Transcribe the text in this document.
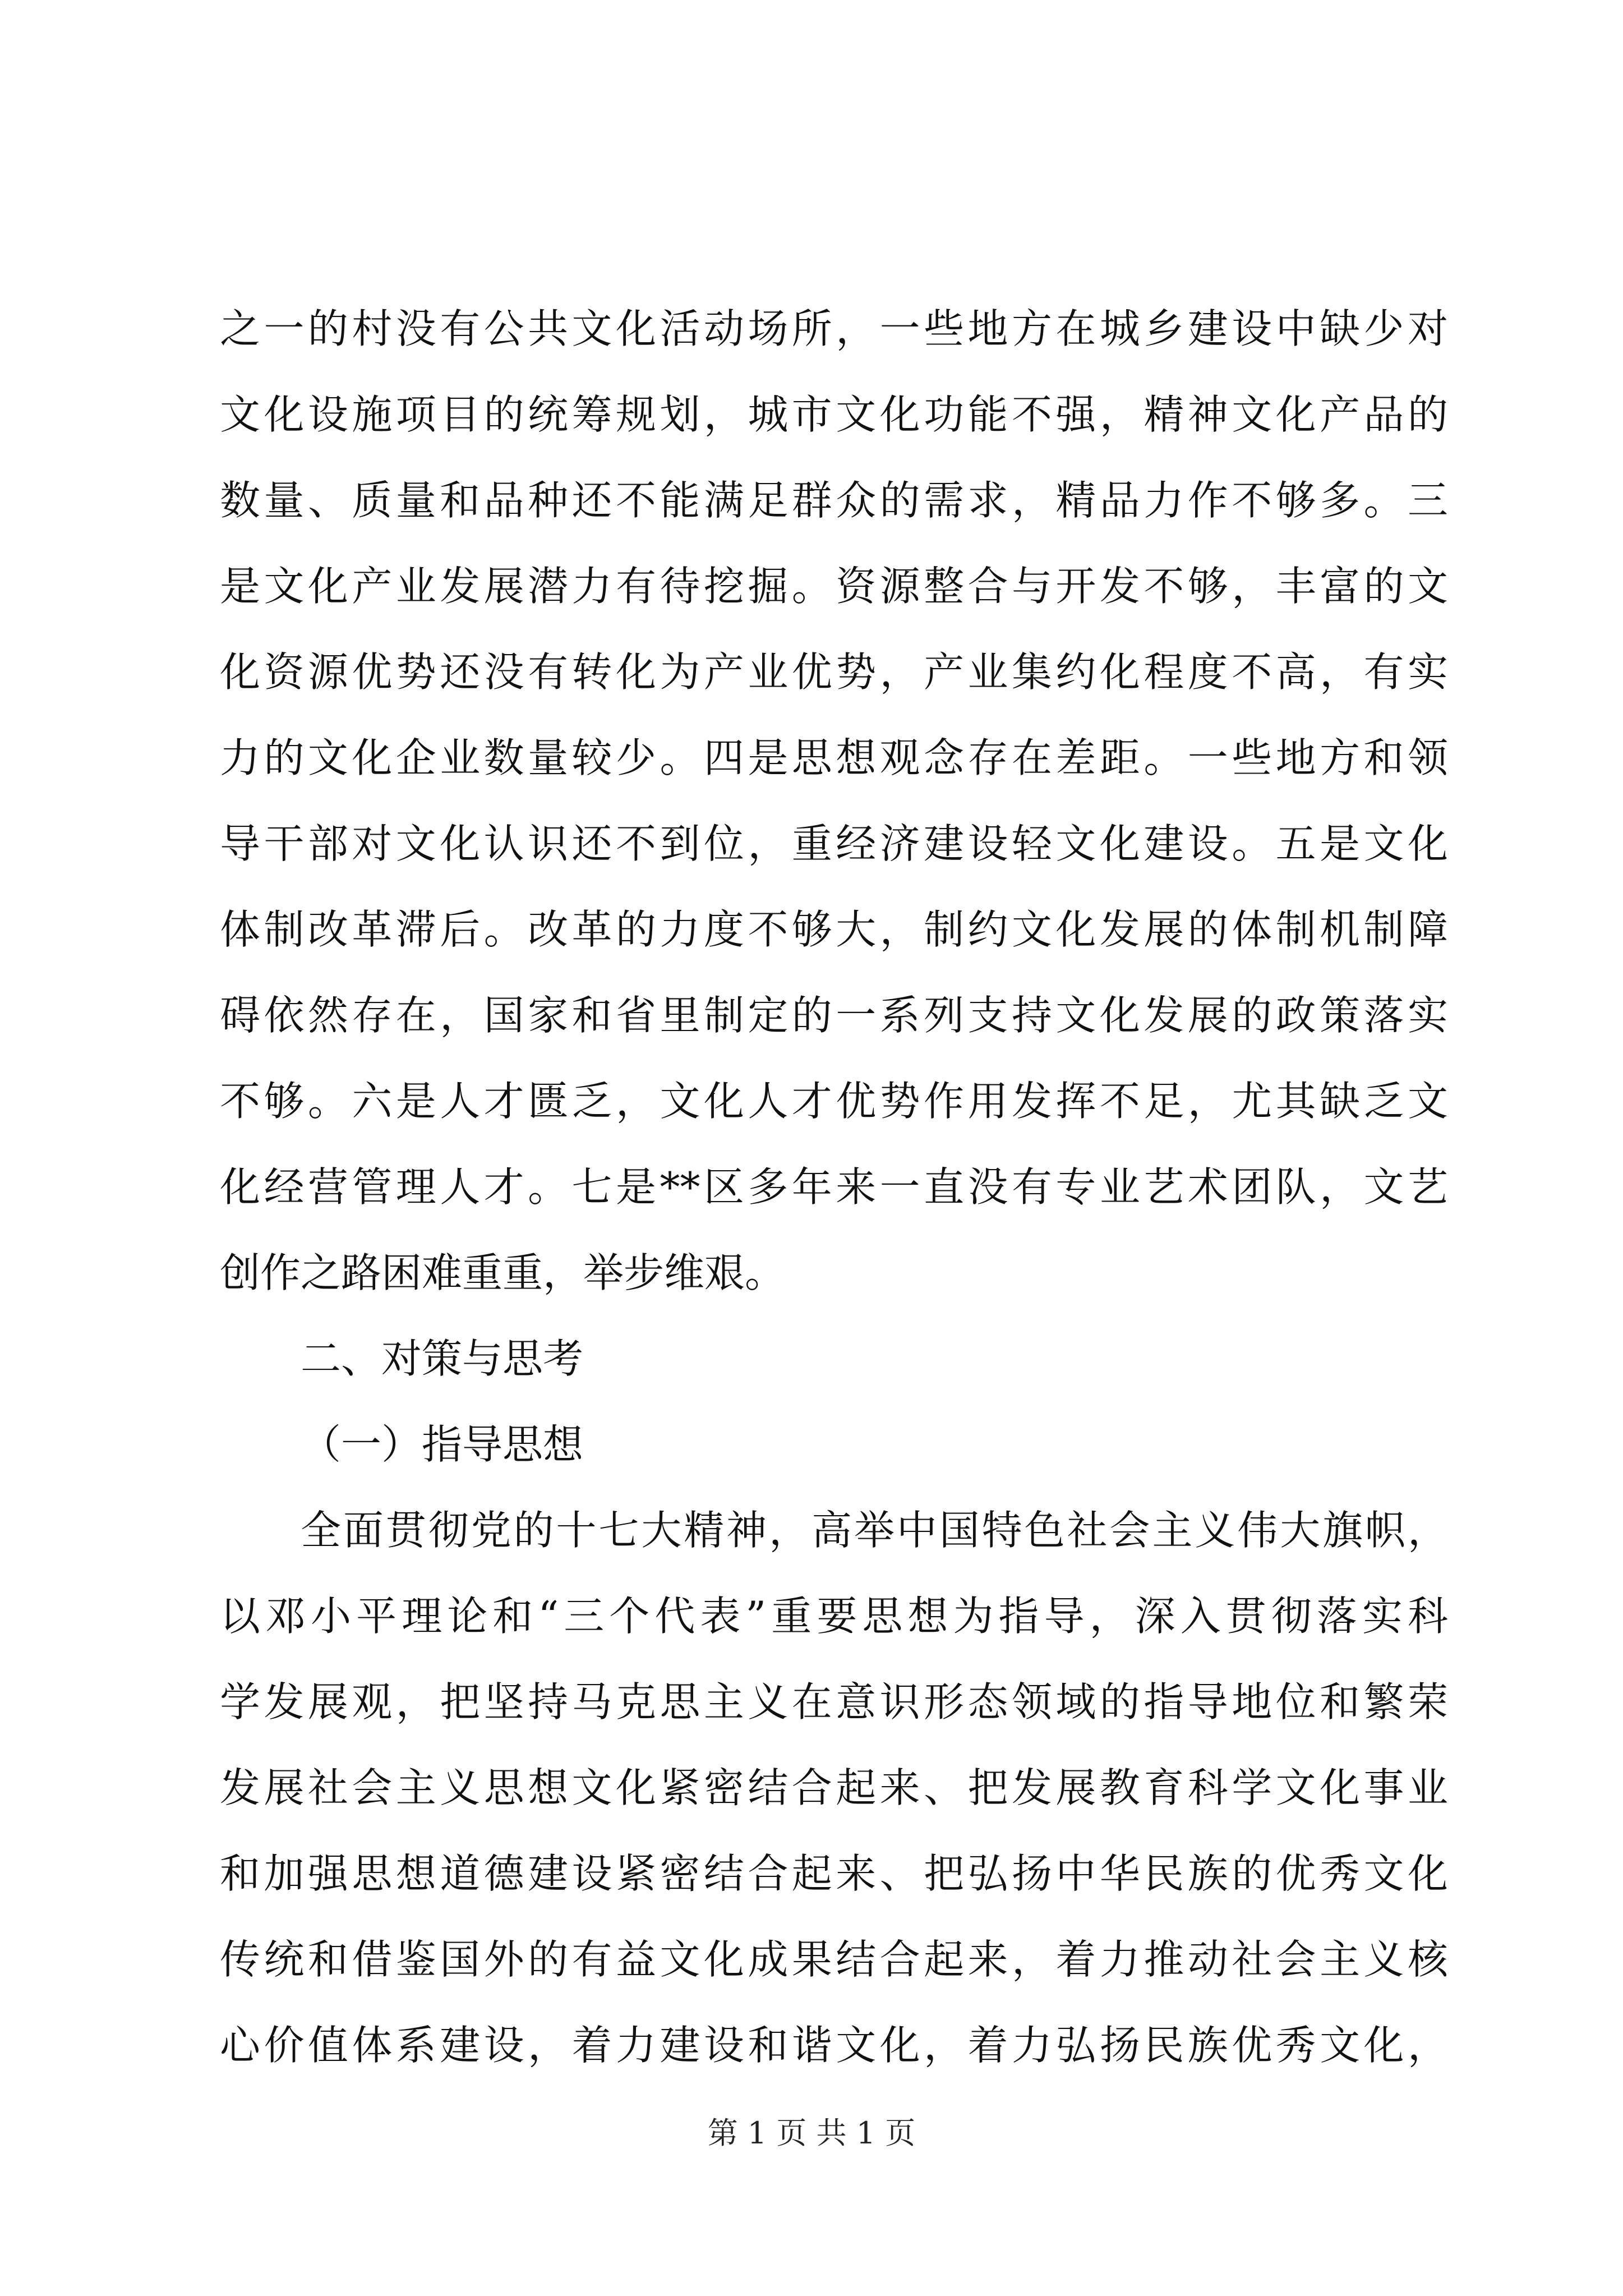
之一的村没有公共文化活动场所，一些地方在城乡建设中缺少对
文化设施项目的统筹规划，城市文化功能不强，精神文化产品的
数量、质量和品种还不能满足群众的需求，精品力作不够多。三
是文化产业发展潜力有待挖掘。资源整合与开发不够，丰富的文
化资源优势还没有转化为产业优势，产业集约化程度不高，有实
力的文化企业数量较少。四是思想观念存在差距。一些地方和领
导干部对文化认识还不到位，重经济建设轻文化建设。五是文化
体制改革滞后。改革的力度不够大，制约文化发展的体制机制障
碍依然存在，国家和省里制定的一系列支持文化发展的政策落实
不够。六是人才匮乏，文化人才优势作用发挥不足，尤其缺乏文
化经营管理人才。七是**区多年来一直没有专业艺术团队，文艺
创作之路困难重重，举步维艰。
二、对策与思考
（一）指导思想
全面贯彻党的十七大精神，高举中国特色社会主义伟大旗帜，
以邓小平理论和“三个代表”重要思想为指导，深入贯彻落实科
学发展观，把坚持马克思主义在意识形态领域的指导地位和繁荣
发展社会主义思想文化紧密结合起来、把发展教育科学文化事业
和加强思想道德建设紧密结合起来、把弘扬中华民族的优秀文化
传统和借鉴国外的有益文化成果结合起来，着力推动社会主义核
心价值体系建设，着力建设和谐文化，着力弘扬民族优秀文化，
第 1 页 共 1 页
